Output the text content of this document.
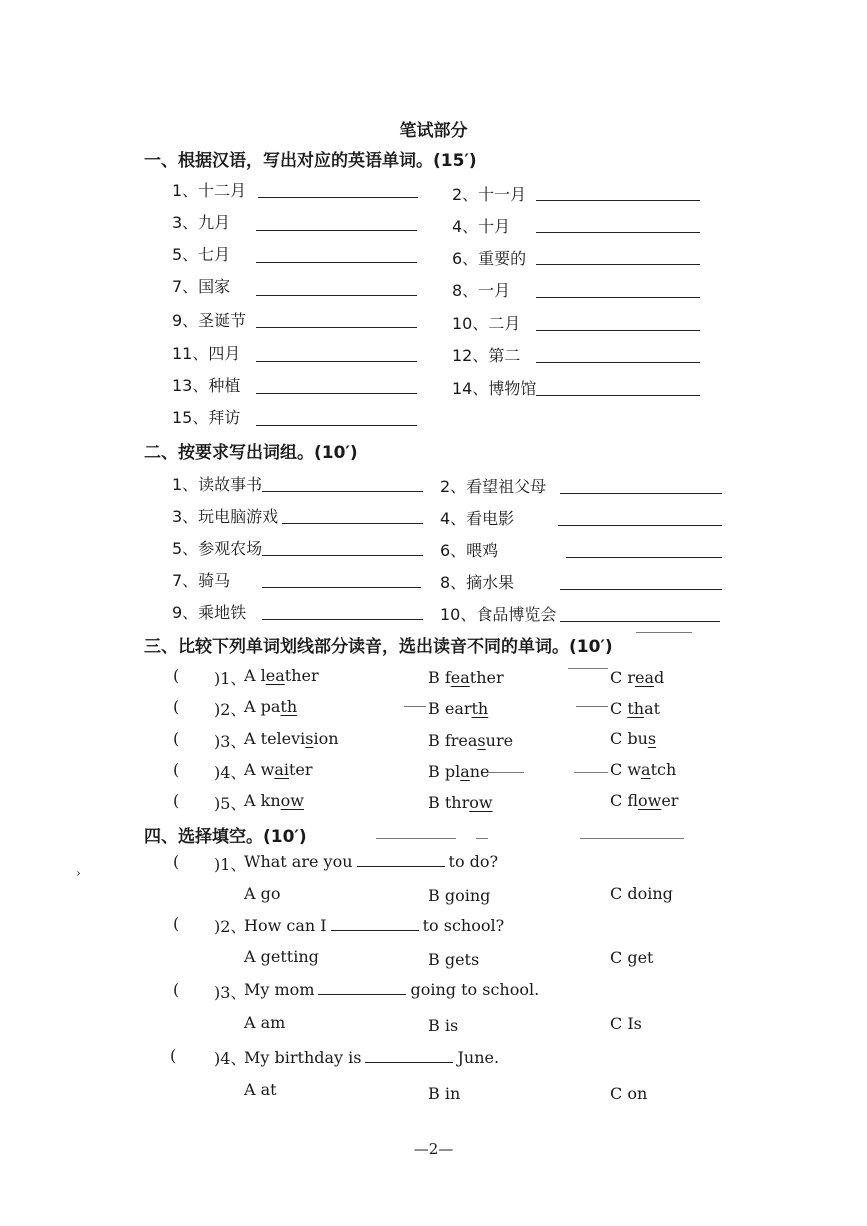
笔试部分
一、根据汉语，写出对应的英语单词。(15′)
1、十二月	2、十一月
3、九月	4、十月
5、七月	6、重要的
7、国家	8、一月
9、圣诞节	10、二月
11、四月	12、第二
13、种植	14、博物馆
15、拜访
二、按要求写出词组。(10′)
1、读故事书	2、看望祖父母
3、玩电脑游戏	4、看电影
5、参观农场	6、喂鸡
7、骑马	8、摘水果
9、乘地铁	10、食品博览会
三、比较下列单词划线部分读音，选出读音不同的单词。(10′)
( )1、
A leather	B feather	C read
( )2、
A path	B earth	C that
( )3、
A television	B freasure	C bus
( )4、
A waiter	B plane	C watch
( )5、
A know	B throw	C flower
四、选择填空。(10′)
›
( )1、
What are you	to do?
A go	B going	C doing
( )2、
How can I	to school?
A getting	B gets	C get
( )3、
My mom	going to school.
A am	B is	C Is
( )4、
My birthday is	June.
A at	B in	C on
—2—
